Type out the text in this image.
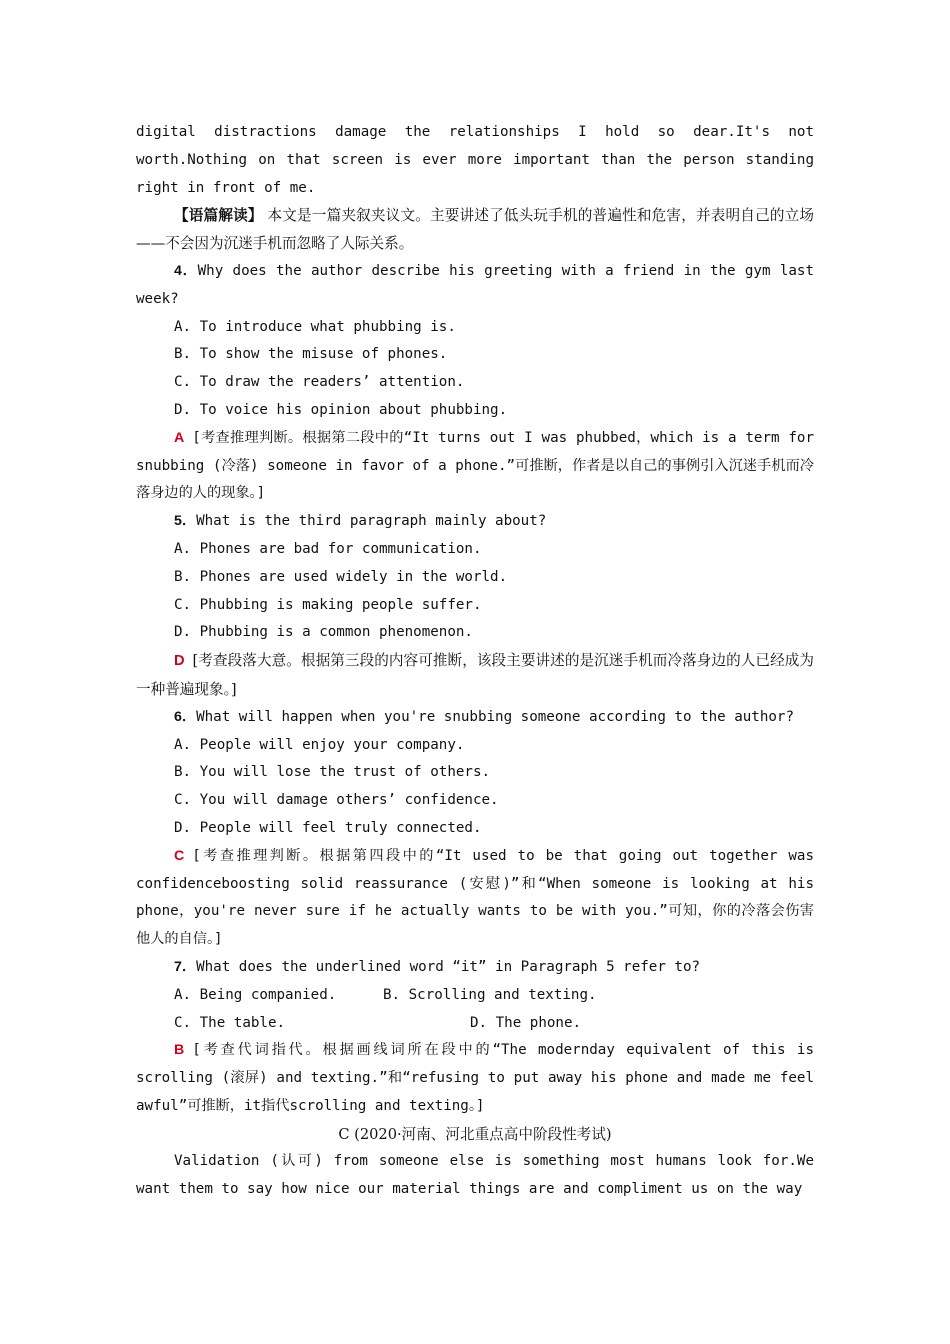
digital distractions damage the relationships I hold so dear.It's not worth.Nothing on that screen is ever more important than the person standing right in front of me.

【语篇解读】 本文是一篇夹叙夹议文。主要讲述了低头玩手机的普遍性和危害，并表明自己的立场——不会因为沉迷手机而忽略了人际关系。

4．Why does the author describe his greeting with a friend in the gym last week?

A. To introduce what phubbing is.

B. To show the misuse of phones.

C. To draw the readers’ attention.

D. To voice his opinion about phubbing.

A [考查推理判断。根据第二段中的“It turns out I was phubbed，which is a term for snubbing (冷落) someone in favor of a phone.”可推断，作者是以自己的事例引入沉迷手机而冷落身边的人的现象。]

5．What is the third paragraph mainly about?

A. Phones are bad for communication.

B. Phones are used widely in the world.

C. Phubbing is making people suffer.

D. Phubbing is a common phenomenon.

D [考查段落大意。根据第三段的内容可推断，该段主要讲述的是沉迷手机而冷落身边的人已经成为一种普遍现象。]

6．What will happen when you're snubbing someone according to the author?

A. People will enjoy your company.

B. You will lose the trust of others.

C. You will damage others’ confidence.

D. People will feel truly connected.

C [考查推理判断。根据第四段中的“It used to be that going out together was confidenceboosting solid reassurance (安慰)”和“When someone is looking at his phone，you're never sure if he actually wants to be with you.”可知，你的冷落会伤害他人的自信。]

7．What does the underlined word “it” in Paragraph 5 refer to?

A. Being companied.	B. Scrolling and texting.
C. The table.	D. The phone.

B [考查代词指代。根据画线词所在段中的“The modernday equivalent of this is scrolling (滚屏) and texting.”和“refusing to put away his phone and made me feel awful”可推断，it指代scrolling and texting。]

C (2020·河南、河北重点高中阶段性考试)

Validation (认可) from someone else is something most humans look for.We want them to say how nice our material things are and compliment us on the way
